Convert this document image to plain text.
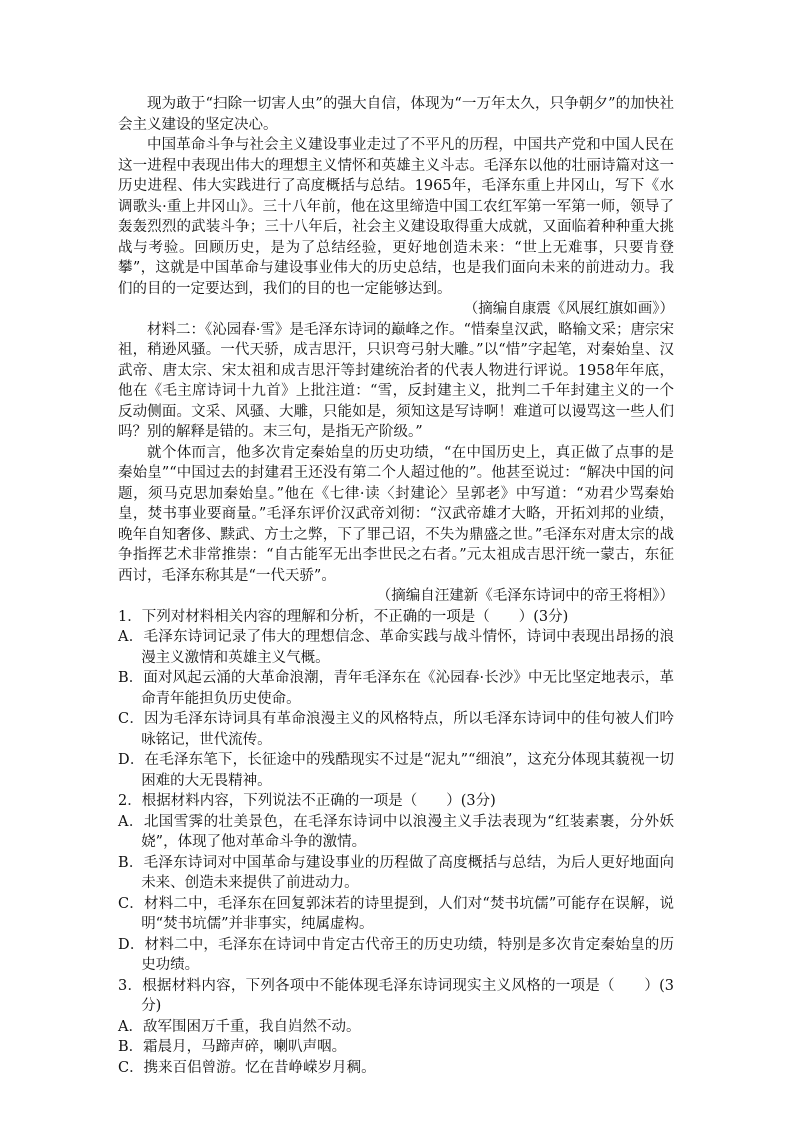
现为敢于“扫除一切害人虫”的强大自信，体现为“一万年太久，只争朝夕”的加快社会主义建设的坚定决心。

中国革命斗争与社会主义建设事业走过了不平凡的历程，中国共产党和中国人民在这一进程中表现出伟大的理想主义情怀和英雄主义斗志。毛泽东以他的壮丽诗篇对这一历史进程、伟大实践进行了高度概括与总结。1965年，毛泽东重上井冈山，写下《水调歌头·重上井冈山》。三十八年前，他在这里缔造中国工农红军第一军第一师，领导了轰轰烈烈的武装斗争；三十八年后，社会主义建设取得重大成就，又面临着种种重大挑战与考验。回顾历史，是为了总结经验，更好地创造未来：“世上无难事，只要肯登攀”，这就是中国革命与建设事业伟大的历史总结，也是我们面向未来的前进动力。我们的目的一定要达到，我们的目的也一定能够达到。

（摘编自康震《风展红旗如画》）

材料二：《沁园春·雪》是毛泽东诗词的巅峰之作。“惜秦皇汉武，略输文采；唐宗宋祖，稍逊风骚。一代天骄，成吉思汗，只识弯弓射大雕。”以“惜”字起笔，对秦始皇、汉武帝、唐太宗、宋太祖和成吉思汗等封建统治者的代表人物进行评说。1958年年底，他在《毛主席诗词十九首》上批注道：“雪，反封建主义，批判二千年封建主义的一个反动侧面。文采、风骚、大雕，只能如是，须知这是写诗啊！难道可以谩骂这一些人们吗？别的解释是错的。末三句，是指无产阶级。”

就个体而言，他多次肯定秦始皇的历史功绩，“在中国历史上，真正做了点事的是秦始皇”“中国过去的封建君王还没有第二个人超过他的”。他甚至说过：“解决中国的问题，须马克思加秦始皇。”他在《七律·读〈封建论〉呈郭老》中写道：“劝君少骂秦始皇，焚书事业要商量。”毛泽东评价汉武帝刘彻：“汉武帝雄才大略，开拓刘邦的业绩，晚年自知奢侈、黩武、方士之弊，下了罪己诏，不失为鼎盛之世。”毛泽东对唐太宗的战争指挥艺术非常推崇：“自古能军无出李世民之右者。”元太祖成吉思汗统一蒙古，东征西讨，毛泽东称其是“一代天骄”。

（摘编自汪建新《毛泽东诗词中的帝王将相》）

1．下列对材料相关内容的理解和分析，不正确的一项是（　　）(3分)

A．毛泽东诗词记录了伟大的理想信念、革命实践与战斗情怀，诗词中表现出昂扬的浪漫主义激情和英雄主义气概。

B．面对风起云涌的大革命浪潮，青年毛泽东在《沁园春·长沙》中无比坚定地表示，革命青年能担负历史使命。

C．因为毛泽东诗词具有革命浪漫主义的风格特点，所以毛泽东诗词中的佳句被人们吟咏铭记，世代流传。

D．在毛泽东笔下，长征途中的残酷现实不过是“泥丸”“细浪”，这充分体现其藐视一切困难的大无畏精神。

2．根据材料内容，下列说法不正确的一项是（　　）(3分)

A．北国雪霁的壮美景色，在毛泽东诗词中以浪漫主义手法表现为“红装素裹，分外妖娆”，体现了他对革命斗争的激情。

B．毛泽东诗词对中国革命与建设事业的历程做了高度概括与总结，为后人更好地面向未来、创造未来提供了前进动力。

C．材料二中，毛泽东在回复郭沫若的诗里提到，人们对“焚书坑儒”可能存在误解，说明“焚书坑儒”并非事实，纯属虚构。

D．材料二中，毛泽东在诗词中肯定古代帝王的历史功绩，特别是多次肯定秦始皇的历史功绩。

3．根据材料内容，下列各项中不能体现毛泽东诗词现实主义风格的一项是（　　）(3分)

A．敌军围困万千重，我自岿然不动。

B．霜晨月，马蹄声碎，喇叭声咽。

C．携来百侣曾游。忆在昔峥嵘岁月稠。
